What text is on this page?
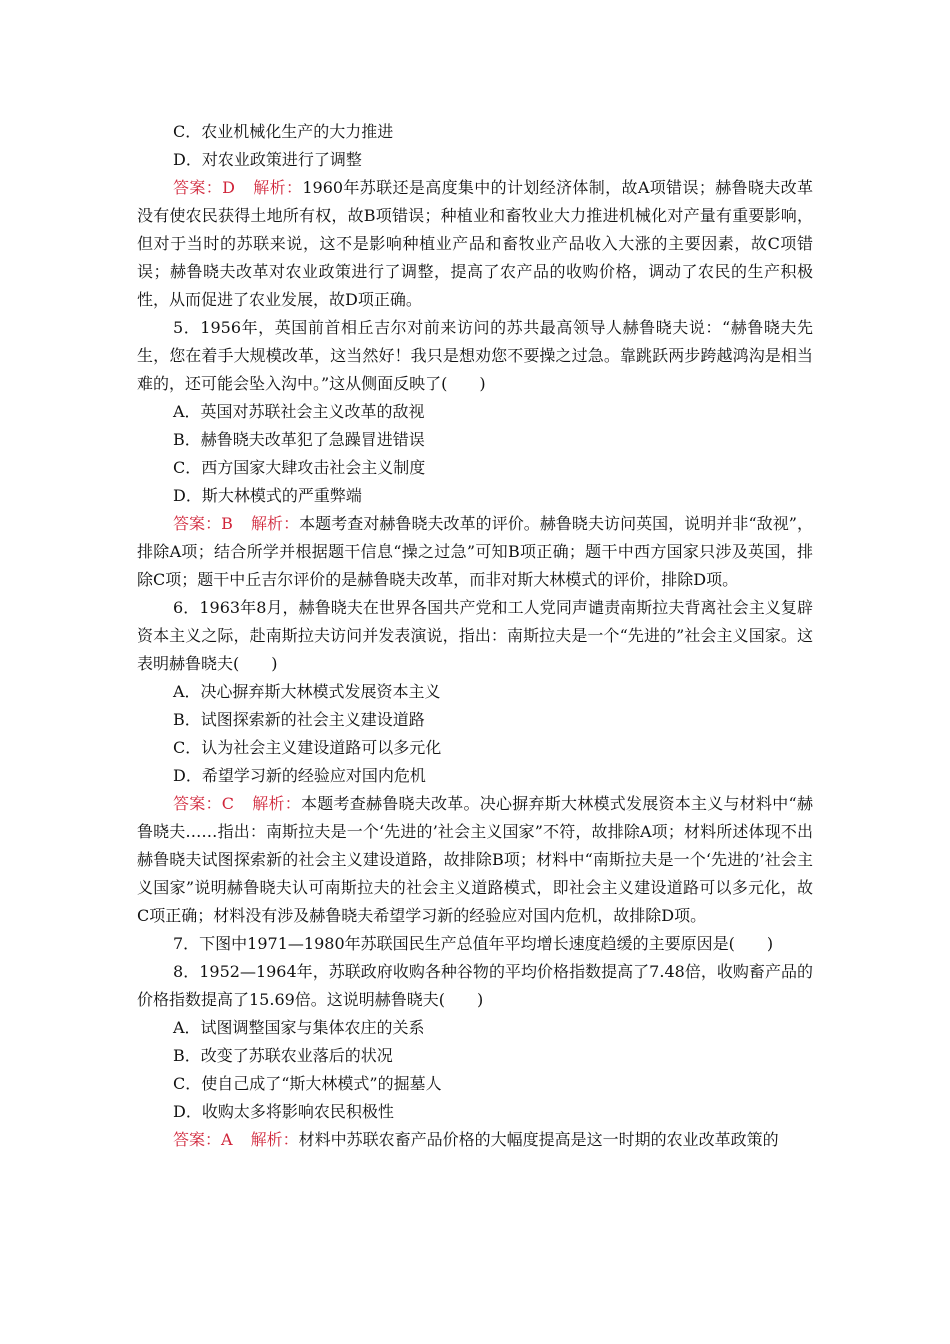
C．农业机械化生产的大力推进

D．对农业政策进行了调整

答案：D 解析：1960年苏联还是高度集中的计划经济体制，故A项错误；赫鲁晓夫改革没有使农民获得土地所有权，故B项错误；种植业和畜牧业大力推进机械化对产量有重要影响，但对于当时的苏联来说，这不是影响种植业产品和畜牧业产品收入大涨的主要因素，故C项错误；赫鲁晓夫改革对农业政策进行了调整，提高了农产品的收购价格，调动了农民的生产积极性，从而促进了农业发展，故D项正确。

5．1956年，英国前首相丘吉尔对前来访问的苏共最高领导人赫鲁晓夫说：“赫鲁晓夫先生，您在着手大规模改革，这当然好！我只是想劝您不要操之过急。靠跳跃两步跨越鸿沟是相当难的，还可能会坠入沟中。”这从侧面反映了(　　)

A．英国对苏联社会主义改革的敌视

B．赫鲁晓夫改革犯了急躁冒进错误

C．西方国家大肆攻击社会主义制度

D．斯大林模式的严重弊端

答案：B 解析：本题考查对赫鲁晓夫改革的评价。赫鲁晓夫访问英国，说明并非“敌视”，排除A项；结合所学并根据题干信息“操之过急”可知B项正确；题干中西方国家只涉及英国，排除C项；题干中丘吉尔评价的是赫鲁晓夫改革，而非对斯大林模式的评价，排除D项。

6．1963年8月，赫鲁晓夫在世界各国共产党和工人党同声谴责南斯拉夫背离社会主义复辟资本主义之际，赴南斯拉夫访问并发表演说，指出：南斯拉夫是一个“先进的”社会主义国家。这表明赫鲁晓夫(　　)

A．决心摒弃斯大林模式发展资本主义

B．试图探索新的社会主义建设道路

C．认为社会主义建设道路可以多元化

D．希望学习新的经验应对国内危机

答案：C 解析：本题考查赫鲁晓夫改革。决心摒弃斯大林模式发展资本主义与材料中“赫鲁晓夫……指出：南斯拉夫是一个‘先进的’社会主义国家”不符，故排除A项；材料所述体现不出赫鲁晓夫试图探索新的社会主义建设道路，故排除B项；材料中“南斯拉夫是一个‘先进的’社会主义国家”说明赫鲁晓夫认可南斯拉夫的社会主义道路模式，即社会主义建设道路可以多元化，故C项正确；材料没有涉及赫鲁晓夫希望学习新的经验应对国内危机，故排除D项。

7．下图中1971—1980年苏联国民生产总值年平均增长速度趋缓的主要原因是(　　)

8．1952—1964年，苏联政府收购各种谷物的平均价格指数提高了7.48倍，收购畜产品的价格指数提高了15.69倍。这说明赫鲁晓夫(　　)

A．试图调整国家与集体农庄的关系

B．改变了苏联农业落后的状况

C．使自己成了“斯大林模式”的掘墓人

D．收购太多将影响农民积极性

答案：A 解析：材料中苏联农畜产品价格的大幅度提高是这一时期的农业改革政策的
